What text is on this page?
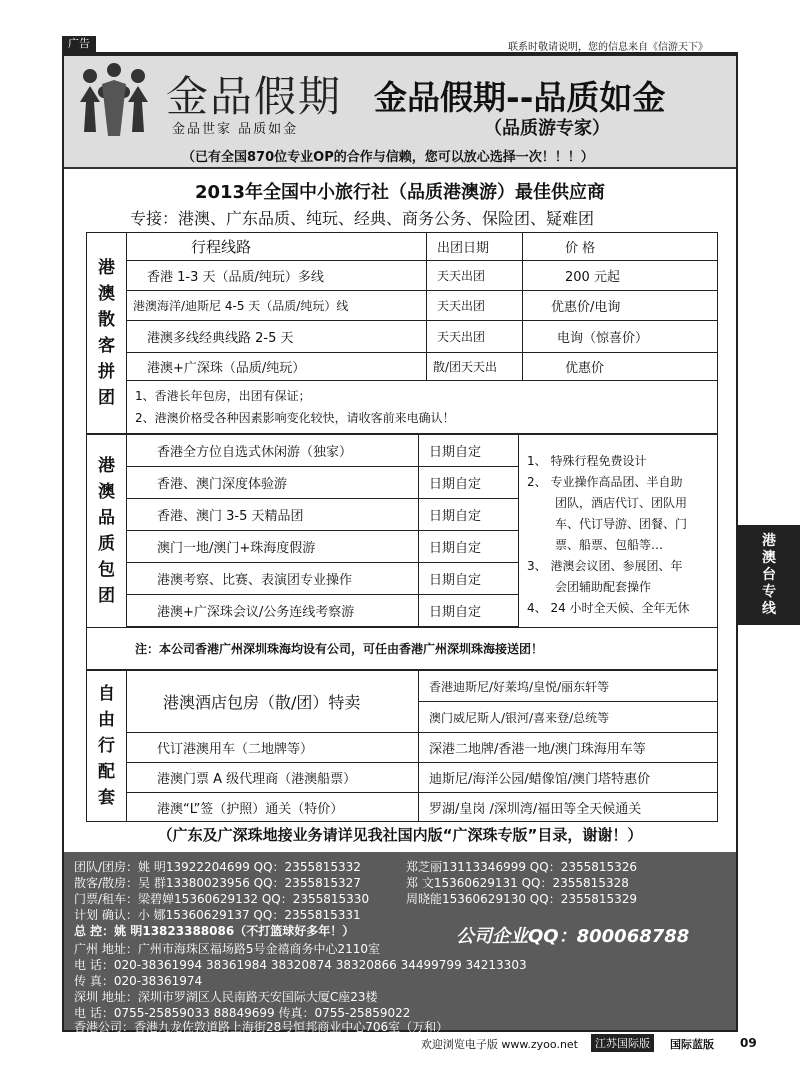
广告	联系时敬请说明，您的信息来自《信游天下》
金品假期
金品世家 品质如金
金品假期--品质如金
（品质游专家）
（已有全国870位专业OP的合作与信赖，您可以放心选择一次！！！）
2013年全国中小旅行社（品质港澳游）最佳供应商
专接：港澳、广东品质、纯玩、经典、商务公务、保险团、疑难团
港
澳
散
客
拼
团
行程线路	出团日期	价 格
香港 1-3 天（品质/纯玩）多线	天天出团	200 元起
港澳海洋/迪斯尼 4-5 天（品质/纯玩）线	天天出团	优惠价/电询
港澳多线经典线路 2-5 天	天天出团	电询（惊喜价）
港澳+广深珠（品质/纯玩）	散/团天天出	优惠价
1、香港长年包房，出团有保证；
2、港澳价格受各种因素影响变化较快，请收客前来电确认！
港
澳
品
质
包
团
香港全方位自选式休闲游（独家）	日期自定
香港、澳门深度体验游	日期自定
香港、澳门 3-5 天精品团	日期自定
澳门一地/澳门+珠海度假游	日期自定
港澳考察、比赛、表演团专业操作	日期自定
港澳+广深珠会议/公务连线考察游	日期自定
1、 特殊行程免费设计
2、 专业操作高品团、半自助
团队，酒店代订、团队用
车、代订导游、团餐、门
票、船票、包船等…
3、 港澳会议团、参展团、年
会团辅助配套操作
4、 24 小时全天候、全年无休
注：本公司香港广州深圳珠海均设有公司，可任由香港广州深圳珠海接送团！
自
由
行
配
套
港澳酒店包房（散/团）特卖
香港迪斯尼/好莱坞/皇悦/丽东轩等
澳门威尼斯人/银河/喜来登/总统等
代订港澳用车（二地牌等）	深港二地牌/香港一地/澳门珠海用车等
港澳门票 A 级代理商（港澳船票）	迪斯尼/海洋公园/蜡像馆/澳门塔特惠价
港澳“L”签（护照）通关（特价）	罗湖/皇岗 /深圳湾/福田等全天候通关
（广东及广深珠地接业务请详见我社国内版“广深珠专版”目录，谢谢！）
团队/团房：姚 明13922204699 QQ：2355815332
散客/散房：吴 群13380023956 QQ：2355815327
门票/租车：梁碧婵15360629132 QQ：2355815330
计划 确认：小 娜15360629137 QQ：2355815331
总 控：姚 明13823388086（不打篮球好多年！）
郑芝丽13113346999 QQ：2355815326
郑 文15360629131 QQ：2355815328
周晓能15360629130 QQ：2355815329
公司企业QQ：800068788
广州 地址：广州市海珠区福场路5号金禧商务中心2110室
电 话：020-38361994 38361984 38320874 38320866 34499799 34213303
传 真：020-38361974
深圳 地址：深圳市罗湖区人民南路天安国际大厦C座23楼
电 话：0755-25859033 88849699 传真：0755-25859022
香港公司：香港九龙佐敦道路上海街28号恒邦商业中心706室（万和）
港
澳
台
专
线
欢迎浏览电子版 www.zyoo.net	江苏国际版	国际蓝版 09
